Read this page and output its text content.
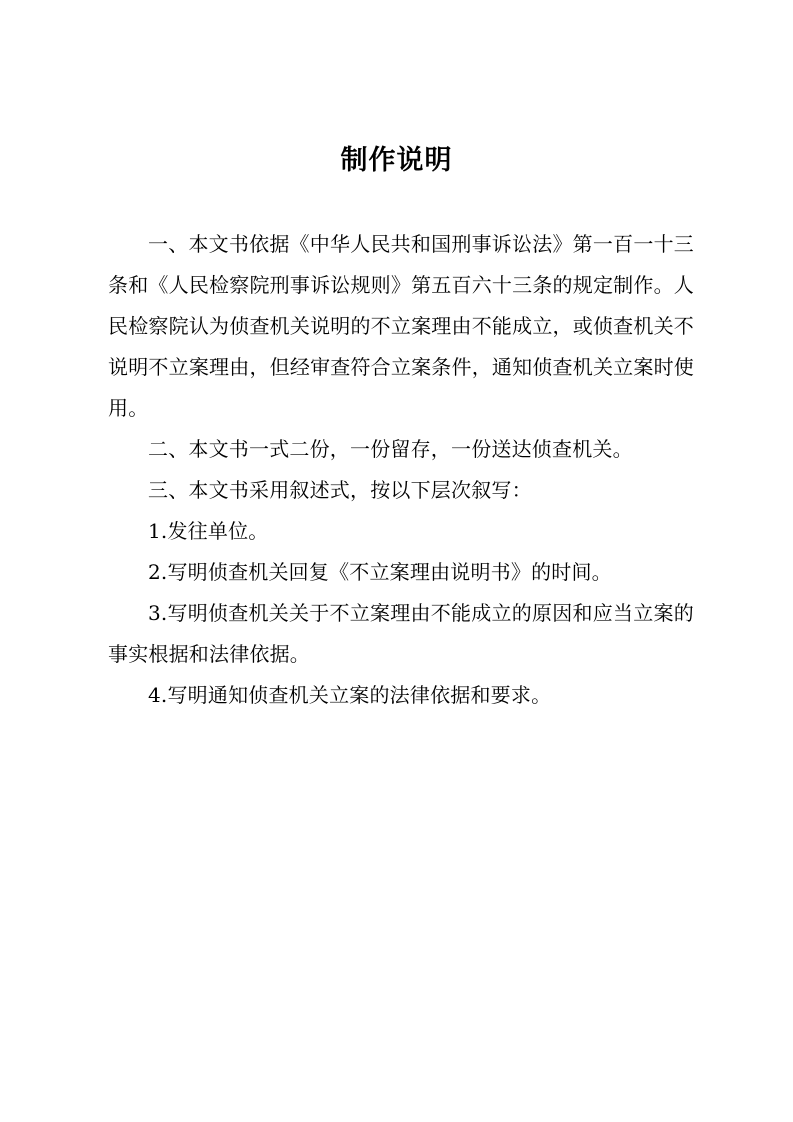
制作说明

一、本文书依据《中华人民共和国刑事诉讼法》第一百一十三条和《人民检察院刑事诉讼规则》第五百六十三条的规定制作。人民检察院认为侦查机关说明的不立案理由不能成立，或侦查机关不说明不立案理由，但经审查符合立案条件，通知侦查机关立案时使用。

二、本文书一式二份，一份留存，一份送达侦查机关。

三、本文书采用叙述式，按以下层次叙写：

1.发往单位。

2.写明侦查机关回复《不立案理由说明书》的时间。

3.写明侦查机关关于不立案理由不能成立的原因和应当立案的事实根据和法律依据。

4.写明通知侦查机关立案的法律依据和要求。
